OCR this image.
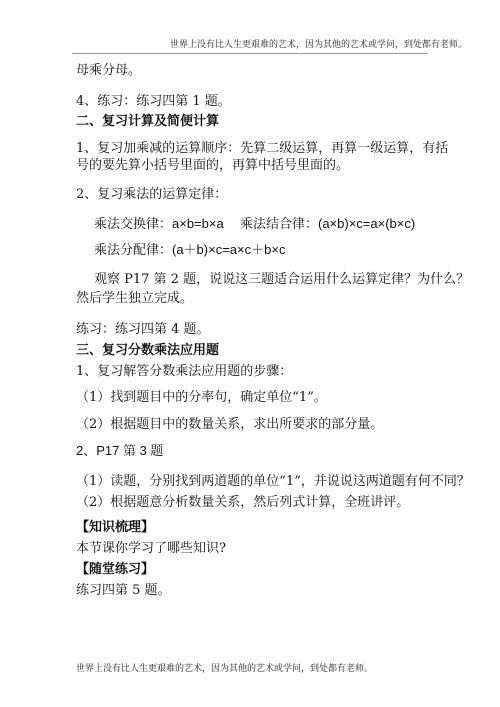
世界上没有比人生更艰难的艺术，因为其他的艺术或学问，到处都有老师。
母乘分母。
4、练习：练习四第 1 题。
二、复习计算及简便计算
1、复习加乘减的运算顺序：先算二级运算，再算一级运算，有括
号的要先算小括号里面的，再算中括号里面的。
2、复习乘法的运算定律：
乘法交换律：a×b=b×a 乘法结合律：(a×b)×c=a×(b×c)
乘法分配律：(a＋b)×c=a×c＋b×c
观察 P17 第 2 题，说说这三题适合运用什么运算定律？为什么？
然后学生独立完成。
练习：练习四第 4 题。
三、复习分数乘法应用题
1、复习解答分数乘法应用题的步骤：
（1）找到题目中的分率句，确定单位“1”。
（2）根据题目中的数量关系，求出所要求的部分量。
2、P17 第 3 题
（1）读题，分别找到两道题的单位“1”，并说说这两道题有何不同？
（2）根据题意分析数量关系，然后列式计算，全班讲评。
【知识梳理】
本节课你学习了哪些知识?
【随堂练习】
练习四第 5 题。
世界上没有比人生更艰难的艺术，因为其他的艺术或学问，到处都有老师。
